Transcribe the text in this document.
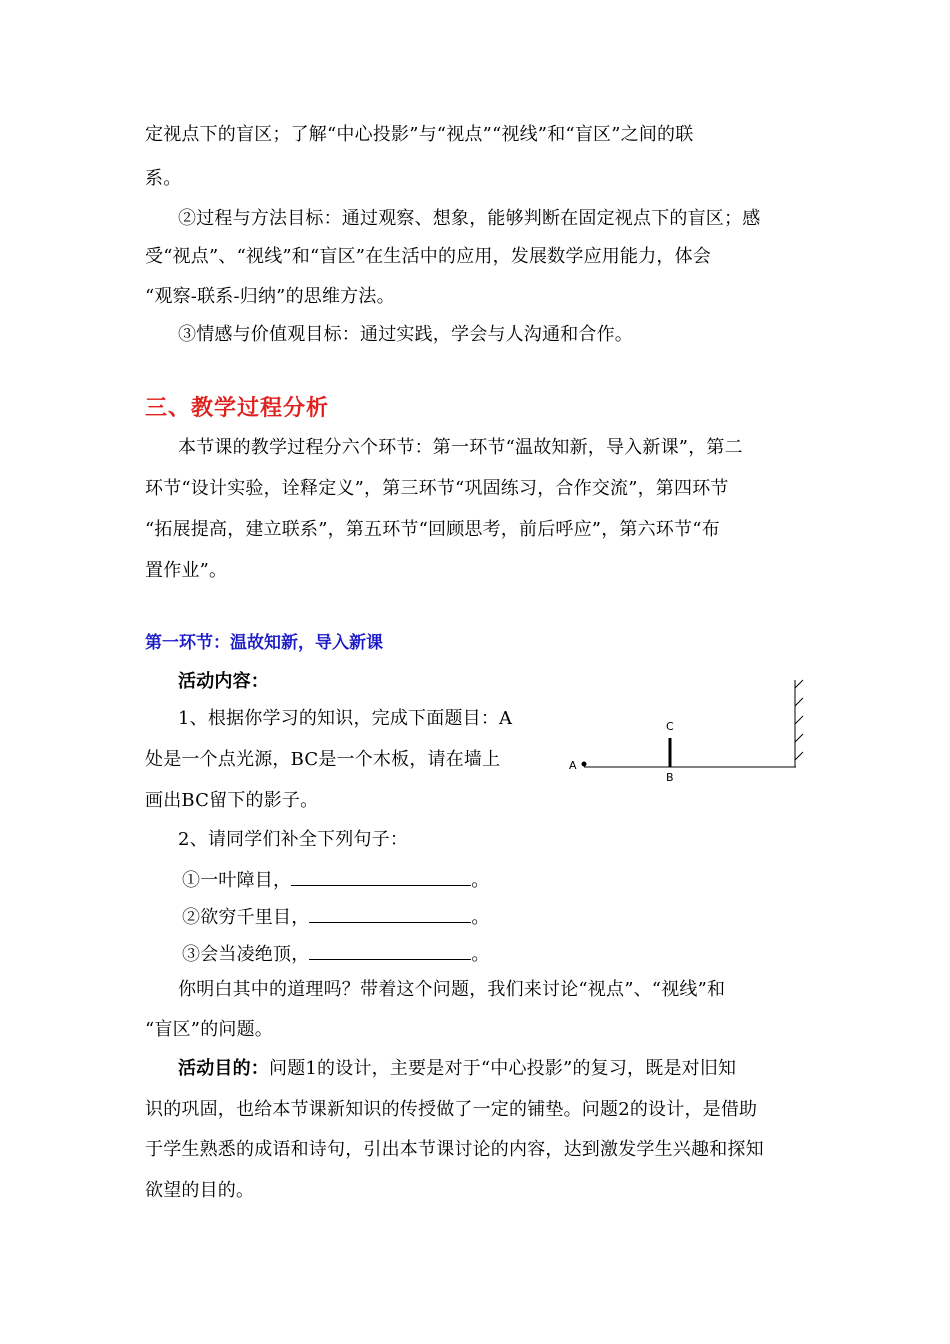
定视点下的盲区；了解“中心投影”与“视点”“视线”和“盲区”之间的联
系。
②过程与方法目标：通过观察、想象，能够判断在固定视点下的盲区；感
受“视点”、“视线”和“盲区”在生活中的应用，发展数学应用能力，体会
“观察-联系-归纳”的思维方法。
③情感与价值观目标：通过实践，学会与人沟通和合作。
三、教学过程分析
本节课的教学过程分六个环节：第一环节“温故知新，导入新课”，第二
环节“设计实验，诠释定义”，第三环节“巩固练习，合作交流”，第四环节
“拓展提高，建立联系”，第五环节“回顾思考，前后呼应”，第六环节“布
置作业”。
第一环节：温故知新，导入新课
活动内容：
1、根据你学习的知识，完成下面题目：A
处是一个点光源，BC是一个木板，请在墙上
画出BC留下的影子。
A
C
B
2、请同学们补全下列句子：
①一叶障目，	。
②欲穷千里目，	。
③会当凌绝顶，	。
你明白其中的道理吗？带着这个问题，我们来讨论“视点”、“视线”和
“盲区”的问题。
活动目的：问题1的设计，主要是对于“中心投影”的复习，既是对旧知
识的巩固，也给本节课新知识的传授做了一定的铺垫。问题2的设计，是借助
于学生熟悉的成语和诗句，引出本节课讨论的内容，达到激发学生兴趣和探知
欲望的目的。
